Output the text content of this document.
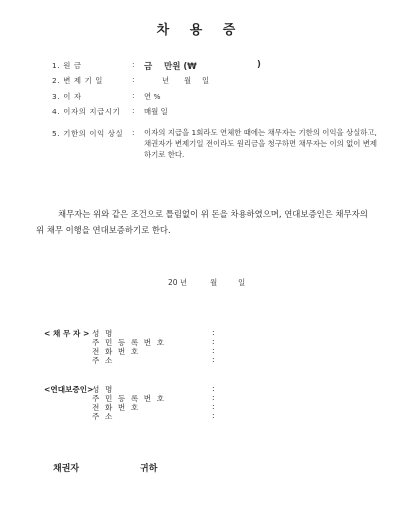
차 용 증
1. 원 금	: 금 만원 (₩	)
2. 변 제 기 일	:	년 월 일
3. 이 자	: 연 %
4. 이자의 지급시기 : 매월 일
5. 기한의 이익 상실 : 이자의 지급을 1회라도 연체한 때에는 채무자는 기한의 이익을 상실하고, 채권자가 변제기일 전이라도 원리금을 청구하면 채무자는 이의 없이 변제하기로 한다.
채무자는 위와 같은 조건으로 틀림없이 위 돈을 차용하였으며, 연대보증인은 채무자의 위 채무 이행을 연대보증하기로 한다.
20 년	월	일
< 채 무 자 > 성 명	:
주 민 등 록 번 호	:
전 화 번 호	:
주 소	:
<연대보증인>
성 명	:
주 민 등 록 번 호	:
전 화 번 호	:
주 소	:
채권자	귀하
